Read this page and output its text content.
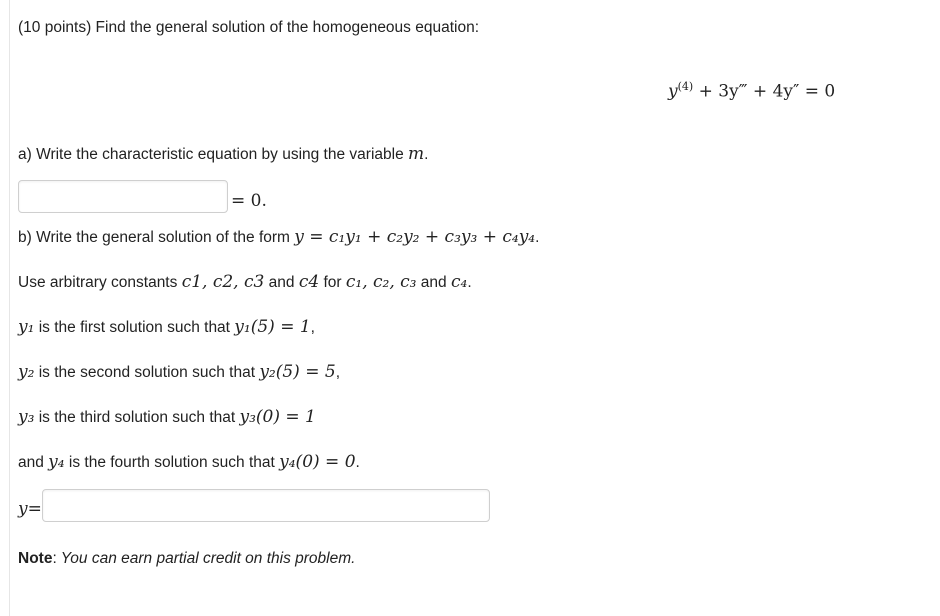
(10 points) Find the general solution of the homogeneous equation:
$y^{(4)}$ + 3y‴ + 4y″ = 0
a) Write the characteristic equation by using the variable m.
= 0.
b) Write the general solution of the form y = c₁y₁ + c₂y₂ + c₃y₃ + c₄y₄.
Use arbitrary constants c1, c2, c3 and c4 for c₁, c₂, c₃ and c₄.
y₁ is the first solution such that y₁(5) = 1,
y₂ is the second solution such that y₂(5) = 5,
y₃ is the third solution such that y₃(0) = 1
and y₄ is the fourth solution such that y₄(0) = 0.
y=
Note: You can earn partial credit on this problem.
